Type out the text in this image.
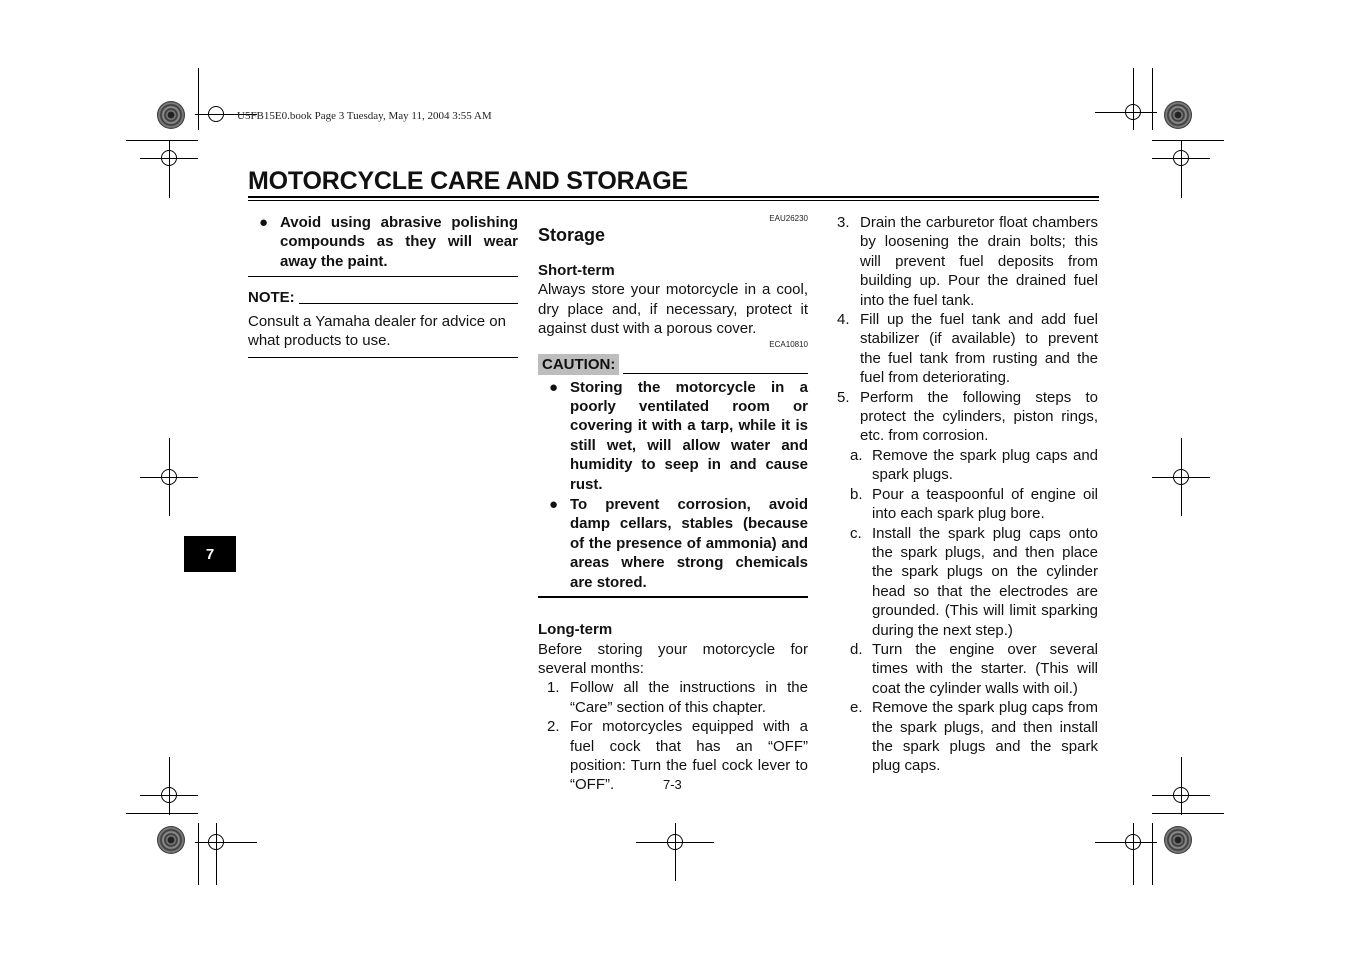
U5FB15E0.book Page 3 Tuesday, May 11, 2004 3:55 AM
MOTORCYCLE CARE AND STORAGE
7
● Avoid using abrasive polishing compounds as they will wear away the paint.
NOTE:
Consult a Yamaha dealer for advice on what products to use.
EAU26230
Storage
Short-term
Always store your motorcycle in a cool, dry place and, if necessary, protect it against dust with a porous cover.
ECA10810
CAUTION:
● Storing the motorcycle in a poorly ventilated room or covering it with a tarp, while it is still wet, will allow water and humidity to seep in and cause rust.
● To prevent corrosion, avoid damp cellars, stables (because of the presence of ammonia) and areas where strong chemicals are stored.
Long-term
Before storing your motorcycle for several months:
1. Follow all the instructions in the “Care” section of this chapter.
2. For motorcycles equipped with a fuel cock that has an “OFF” position: Turn the fuel cock lever to “OFF”.
3. Drain the carburetor float chambers by loosening the drain bolts; this will prevent fuel deposits from building up. Pour the drained fuel into the fuel tank.
4. Fill up the fuel tank and add fuel stabilizer (if available) to prevent the fuel tank from rusting and the fuel from deteriorating.
5. Perform the following steps to protect the cylinders, piston rings, etc. from corrosion.
a. Remove the spark plug caps and spark plugs.
b. Pour a teaspoonful of engine oil into each spark plug bore.
c. Install the spark plug caps onto the spark plugs, and then place the spark plugs on the cylinder head so that the electrodes are grounded. (This will limit sparking during the next step.)
d. Turn the engine over several times with the starter. (This will coat the cylinder walls with oil.)
e. Remove the spark plug caps from the spark plugs, and then install the spark plugs and the spark plug caps.
7-3
